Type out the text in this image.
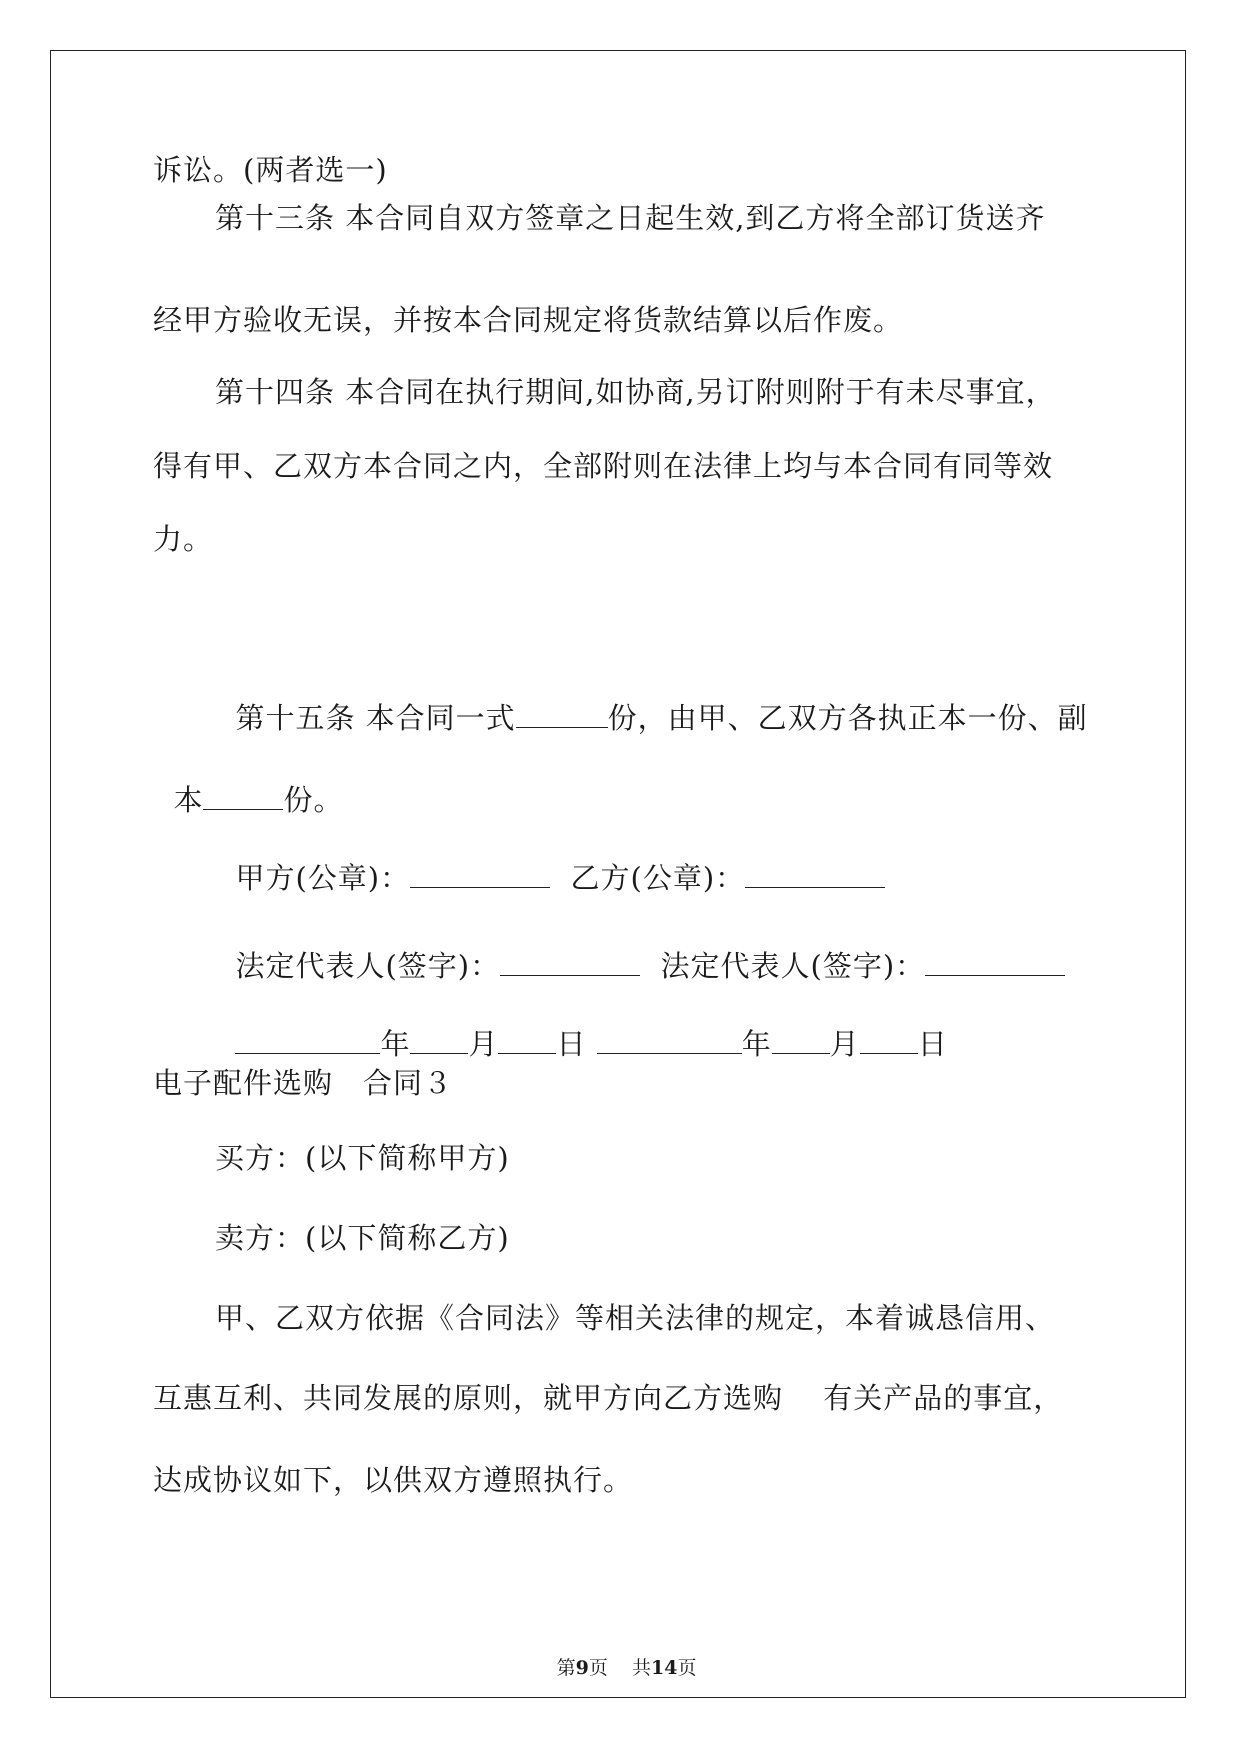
诉讼。(两者选一)
第十三条 本合同自双方签章之日起生效,到乙方将全部订货送齐
经甲方验收无误，并按本合同规定将货款结算以后作废。
第十四条 本合同在执行期间,如协商,另订附则附于有未尽事宜，
得有甲、乙双方本合同之内，全部附则在法律上均与本合同有同等效
力。

第十五条 本合同一式	份，由甲、乙双方各执正本一份、副

本	份。

甲方(公章)：	乙方(公章)：

法定代表人(签字)：	法定代表人(签字)：

年 月 日	年 月 日

电子配件选购　合同３
买方：(以下简称甲方)
卖方：(以下简称乙方)
甲、乙双方依据《合同法》等相关法律的规定，本着诚恳信用、
互惠互利、共同发展的原则，就甲方向乙方选购　 有关产品的事宜，
达成协议如下，以供双方遵照执行。

第9页 共14页
